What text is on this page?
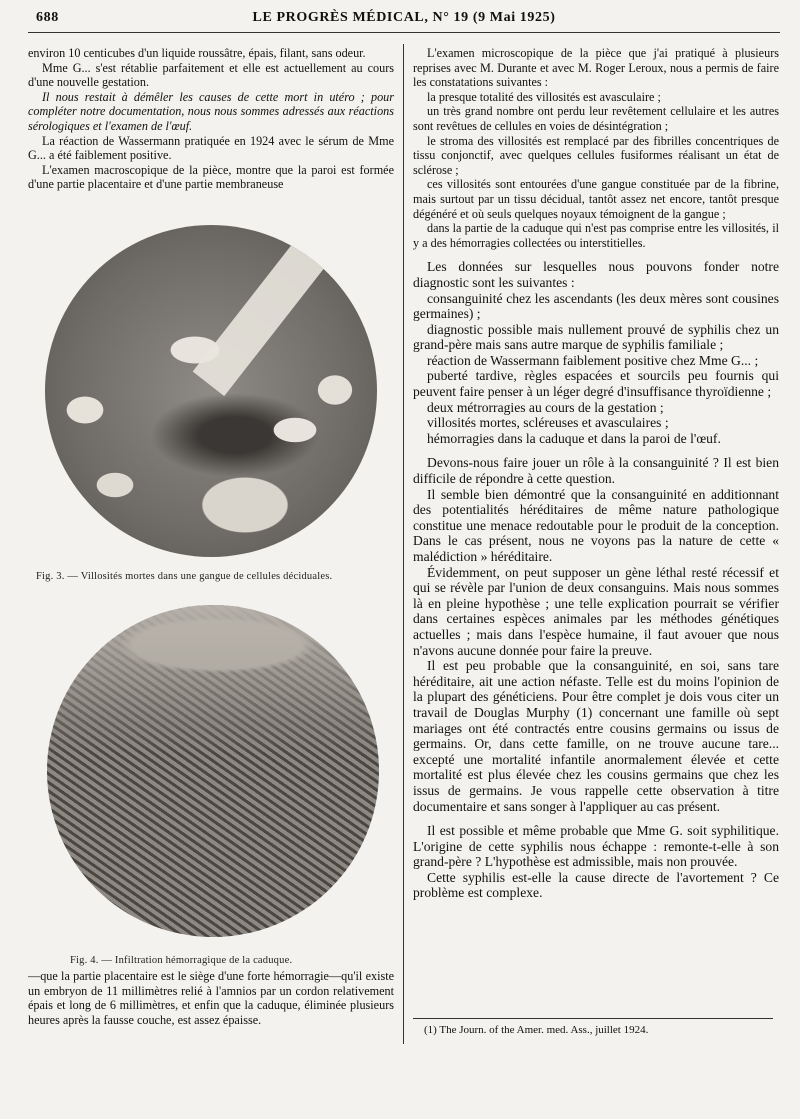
688	LE PROGRÈS MÉDICAL, N° 19 (9 Mai 1925)

environ 10 centicubes d'un liquide roussâtre, épais, filant, sans odeur.

Mme G... s'est rétablie parfaitement et elle est actuellement au cours d'une nouvelle gestation.

Il nous restait à démêler les causes de cette mort in utéro ; pour compléter notre documentation, nous nous sommes adressés aux réactions sérologiques et l'examen de l'œuf.

La réaction de Wassermann pratiquée en 1924 avec le sérum de Mme G... a été faiblement positive.

L'examen macroscopique de la pièce, montre que la paroi est formée d'une partie placentaire et d'une partie membraneuse

Fig. 3. — Villosités mortes dans une gangue de cellules déciduales.
Fig. 4. — Infiltration hémorragique de la caduque.

—que la partie placentaire est le siège d'une forte hémorragie—qu'il existe un embryon de 11 millimètres relié à l'amnios par un cordon relativement épais et long de 6 millimètres, et enfin que la caduque, éliminée plusieurs heures après la fausse couche, est assez épaisse.

L'examen microscopique de la pièce que j'ai pratiqué à plusieurs reprises avec M. Durante et avec M. Roger Leroux, nous a permis de faire les constatations suivantes :

la presque totalité des villosités est avasculaire ;

un très grand nombre ont perdu leur revêtement cellulaire et les autres sont revêtues de cellules en voies de désintégration ;

le stroma des villosités est remplacé par des fibrilles concentriques de tissu conjonctif, avec quelques cellules fusiformes réalisant un état de sclérose ;

ces villosités sont entourées d'une gangue constituée par de la fibrine, mais surtout par un tissu décidual, tantôt assez net encore, tantôt presque dégénéré et où seuls quelques noyaux témoignent de la gangue ;

dans la partie de la caduque qui n'est pas comprise entre les villosités, il y a des hémorragies collectées ou interstitielles.

Les données sur lesquelles nous pouvons fonder notre diagnostic sont les suivantes :

consanguinité chez les ascendants (les deux mères sont cousines germaines) ;

diagnostic possible mais nullement prouvé de syphilis chez un grand-père mais sans autre marque de syphilis familiale ;

réaction de Wassermann faiblement positive chez Mme G... ;

puberté tardive, règles espacées et sourcils peu fournis qui peuvent faire penser à un léger degré d'insuffisance thyroïdienne ;

deux métrorragies au cours de la gestation ;

villosités mortes, scléreuses et avasculaires ;

hémorragies dans la caduque et dans la paroi de l'œuf.

Devons-nous faire jouer un rôle à la consanguinité ? Il est bien difficile de répondre à cette question.

Il semble bien démontré que la consanguinité en additionnant des potentialités héréditaires de même nature pathologique constitue une menace redoutable pour le produit de la conception. Dans le cas présent, nous ne voyons pas la nature de cette « malédiction » héréditaire.

Évidemment, on peut supposer un gène léthal resté récessif et qui se révèle par l'union de deux consanguins. Mais nous sommes là en pleine hypothèse ; une telle explication pourrait se vérifier dans certaines espèces animales par les méthodes génétiques actuelles ; mais dans l'espèce humaine, il faut avouer que nous n'avons aucune donnée pour faire la preuve.

Il est peu probable que la consanguinité, en soi, sans tare héréditaire, ait une action néfaste. Telle est du moins l'opinion de la plupart des généticiens. Pour être complet je dois vous citer un travail de Douglas Murphy (1) concernant une famille où sept mariages ont été contractés entre cousins germains ou issus de germains. Or, dans cette famille, on ne trouve aucune tare... excepté une mortalité infantile anormalement élevée et cette mortalité est plus élevée chez les cousins germains que chez les issus de germains. Je vous rappelle cette observation à titre documentaire et sans songer à l'appliquer au cas présent.

Il est possible et même probable que Mme G. soit syphilitique. L'origine de cette syphilis nous échappe : remonte-t-elle à son grand-père ? L'hypothèse est admissible, mais non prouvée.

Cette syphilis est-elle la cause directe de l'avortement ? Ce problème est complexe.

(1) The Journ. of the Amer. med. Ass., juillet 1924.
